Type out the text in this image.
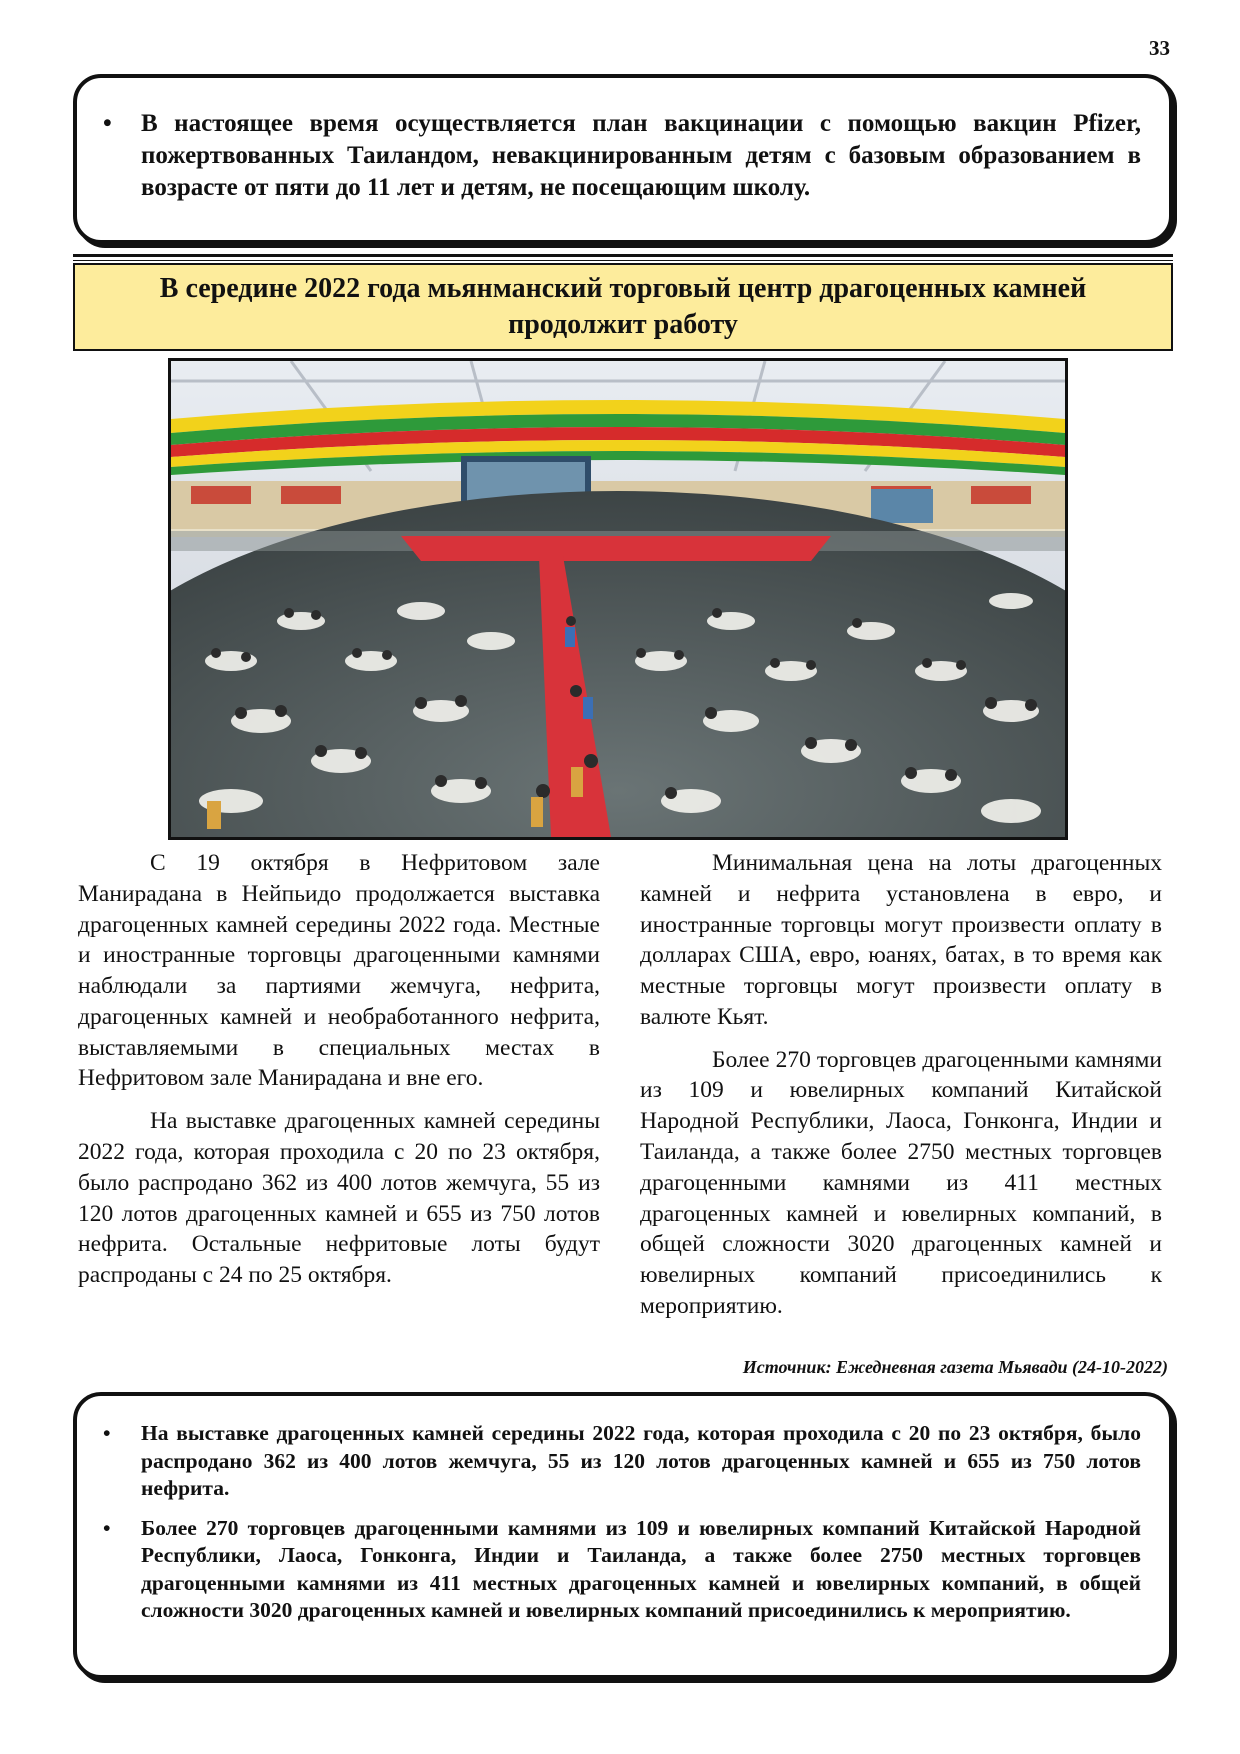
33
• В настоящее время осуществляется план вакцинации с помощью вакцин Pfizer, пожертвованных Таиландом, невакцинированным детям с базовым образованием в возрасте от пяти до 11 лет и детям, не посещающим школу.
В середине 2022 года мьянманский торговый центр драгоценных камней продолжит работу

С 19 октября в Нефритовом зале Манирадана в Нейпьидо продолжается выставка драгоценных камней середины 2022 года. Местные и иностранные торговцы драгоценными камнями наблюдали за партиями жемчуга, нефрита, драгоценных камней и необработанного нефрита, выставляемыми в специальных местах в Нефритовом зале Манирадана и вне его.

На выставке драгоценных камней середины 2022 года, которая проходила с 20 по 23 октября, было распродано 362 из 400 лотов жемчуга, 55 из 120 лотов драгоценных камней и 655 из 750 лотов нефрита. Остальные нефритовые лоты будут распроданы с 24 по 25 октября.

Минимальная цена на лоты драгоценных камней и нефрита установлена в евро, и иностранные торговцы могут произвести оплату в долларах США, евро, юанях, батах, в то время как местные торговцы могут произвести оплату в валюте Кьят.

Более 270 торговцев драгоценными камнями из 109 и ювелирных компаний Китайской Народной Республики, Лаоса, Гонконга, Индии и Таиланда, а также более 2750 местных торговцев драгоценными камнями из 411 местных драгоценных камней и ювелирных компаний, в общей сложности 3020 драгоценных камней и ювелирных компаний присоединились к мероприятию.

Источник: Ежедневная газета Мьявади (24-10-2022)
• На выставке драгоценных камней середины 2022 года, которая проходила с 20 по 23 октября, было распродано 362 из 400 лотов жемчуга, 55 из 120 лотов драгоценных камней и 655 из 750 лотов нефрита.
• Более 270 торговцев драгоценными камнями из 109 и ювелирных компаний Китайской Народной Республики, Лаоса, Гонконга, Индии и Таиланда, а также более 2750 местных торговцев драгоценными камнями из 411 местных драгоценных камней и ювелирных компаний, в общей сложности 3020 драгоценных камней и ювелирных компаний присоединились к мероприятию.
